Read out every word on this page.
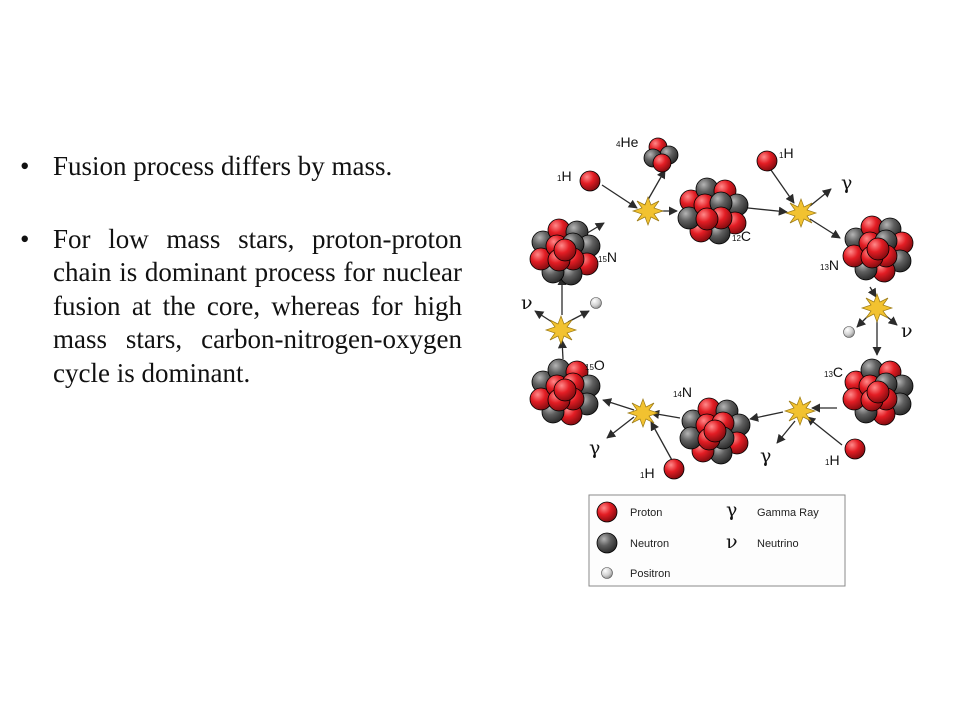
• Fusion process differs by mass.
• For low mass stars, proton-proton chain is dominant process for nuclear fusion at the core, whereas for high mass stars, carbon-nitrogen-oxygen cycle is dominant.
γ
γ
γ
ν
ν
4He
1H
1H
1H
1H
12C
13N
13C
14N
15O
15N
Proton
Neutron
Positron
γ Gamma Ray
ν Neutrino
